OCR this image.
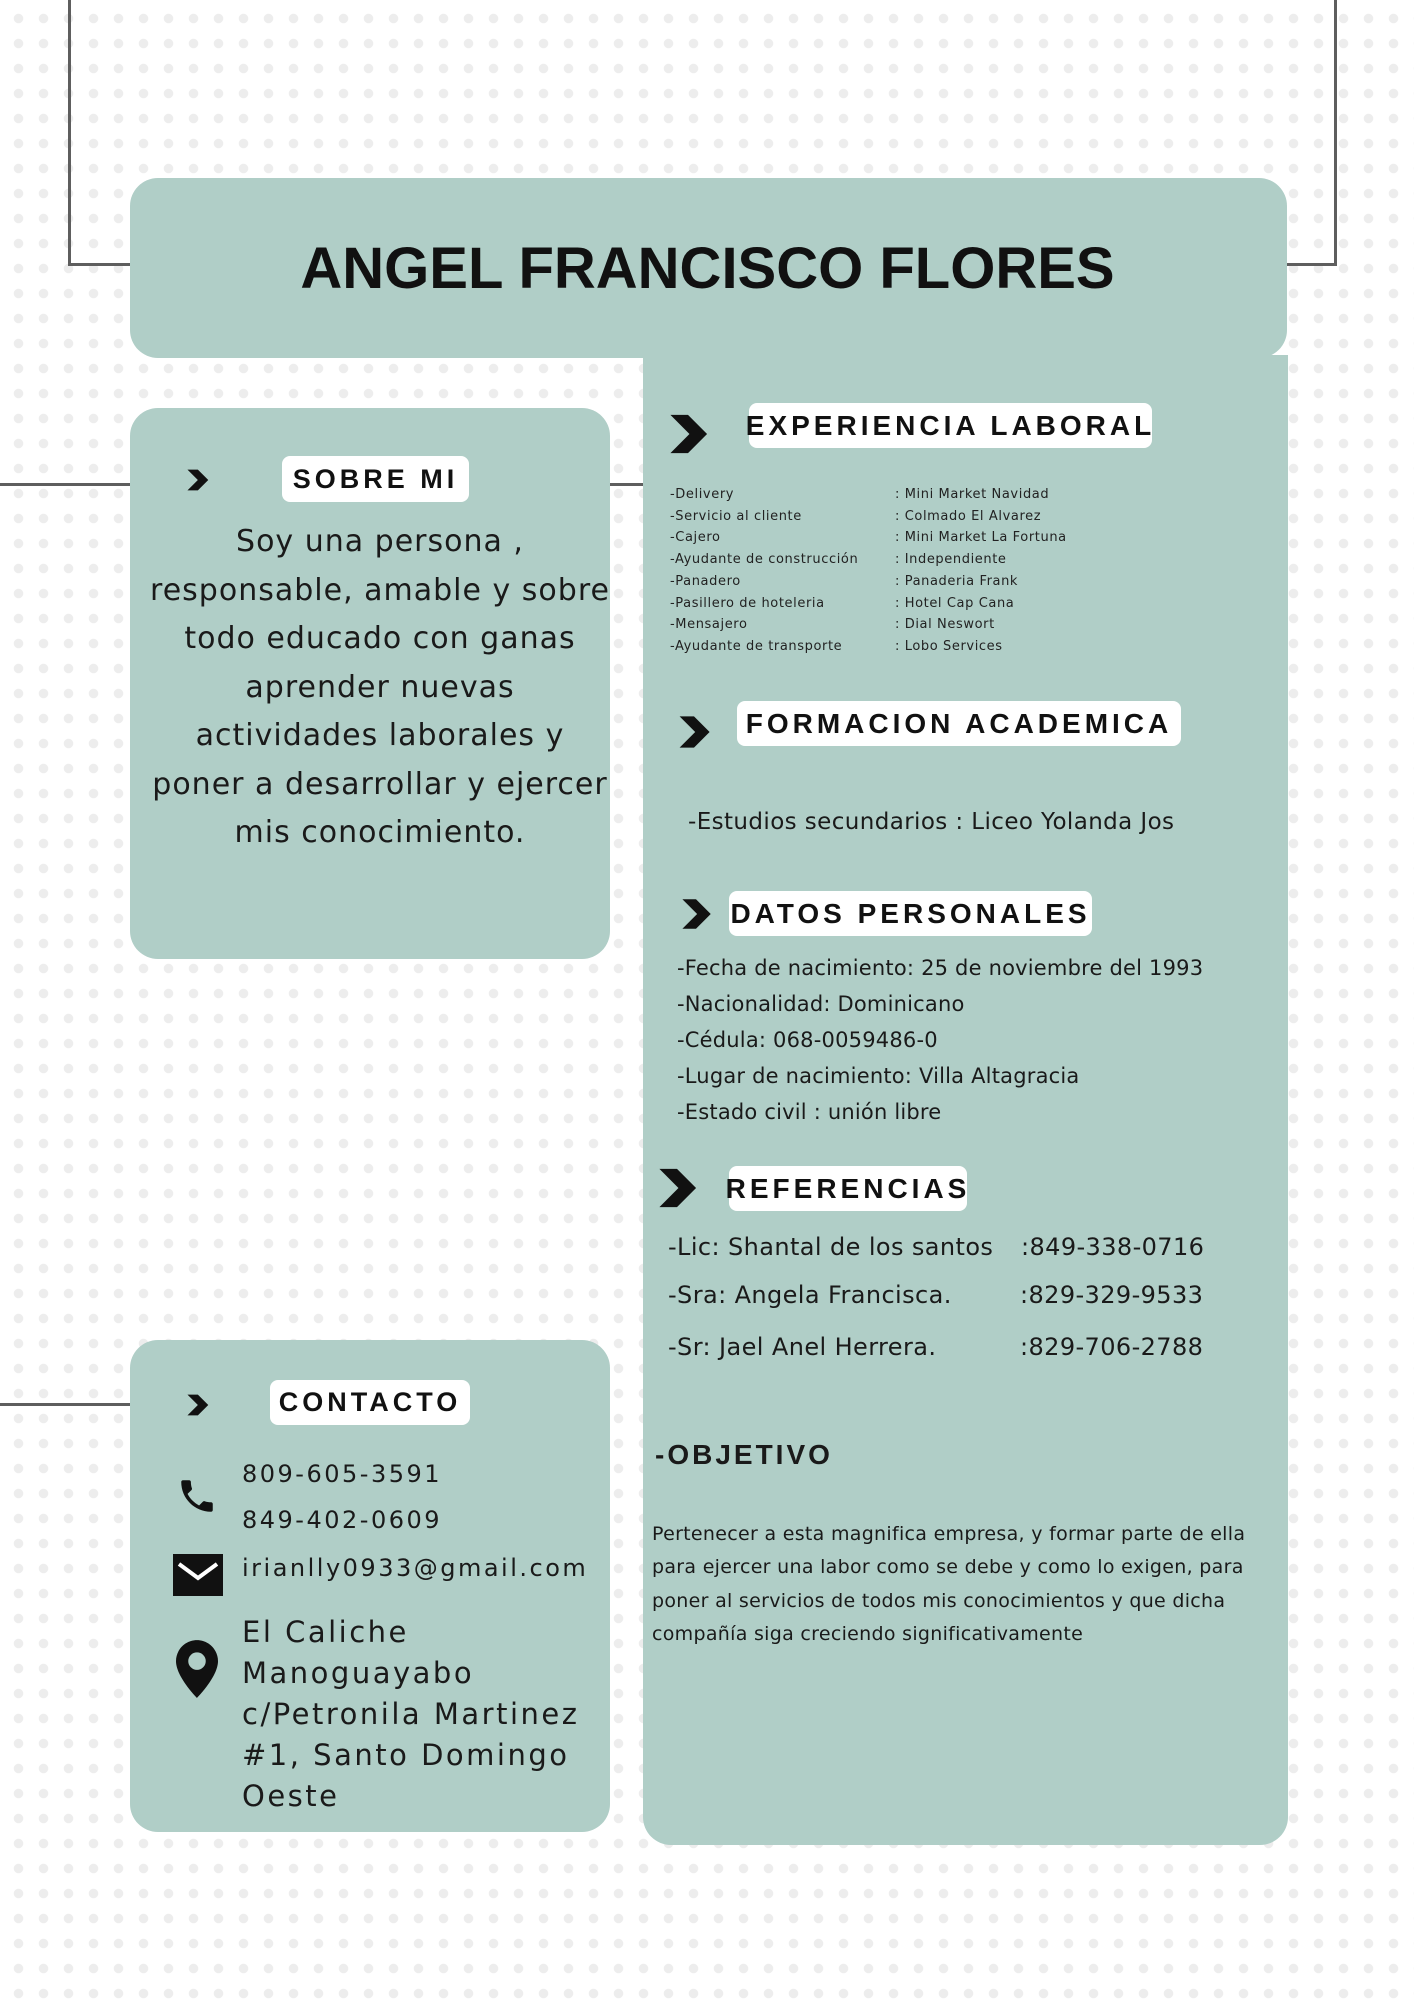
ANGEL FRANCISCO FLORES
SOBRE MI
Soy una persona , responsable, amable y sobre todo educado con ganas aprender nuevas actividades laborales y poner a desarrollar y ejercer mis conocimiento.
EXPERIENCIA LABORAL
-Delivery
-Servicio al cliente
-Cajero
-Ayudante de construcción
-Panadero
-Pasillero de hoteleria
-Mensajero
-Ayudante de transporte
: Mini Market Navidad
: Colmado El Alvarez
: Mini Market La Fortuna
: Independiente
: Panaderia Frank
: Hotel Cap Cana
: Dial Neswort
: Lobo Services
FORMACION ACADEMICA
-Estudios secundarios : Liceo Yolanda Jos
DATOS PERSONALES
-Fecha de nacimiento: 25 de noviembre del 1993
-Nacionalidad: Dominicano
-Cédula: 068-0059486-0
-Lugar de nacimiento: Villa Altagracia
-Estado civil : unión libre
REFERENCIAS
-Lic: Shantal de los santos :849-338-0716
-Sra: Angela Francisca.	:829-329-9533
-Sr: Jael Anel Herrera.	:829-706-2788
-OBJETIVO
Pertenecer a esta magnifica empresa, y formar parte de ella para ejercer una labor como se debe y como lo exigen, para poner al servicios de todos mis conocimientos y que dicha compañía siga creciendo significativamente
CONTACTO
809-605-3591
849-402-0609
irianlly0933@gmail.com
El Caliche Manoguayabo c/Petronila Martinez #1, Santo Domingo Oeste
